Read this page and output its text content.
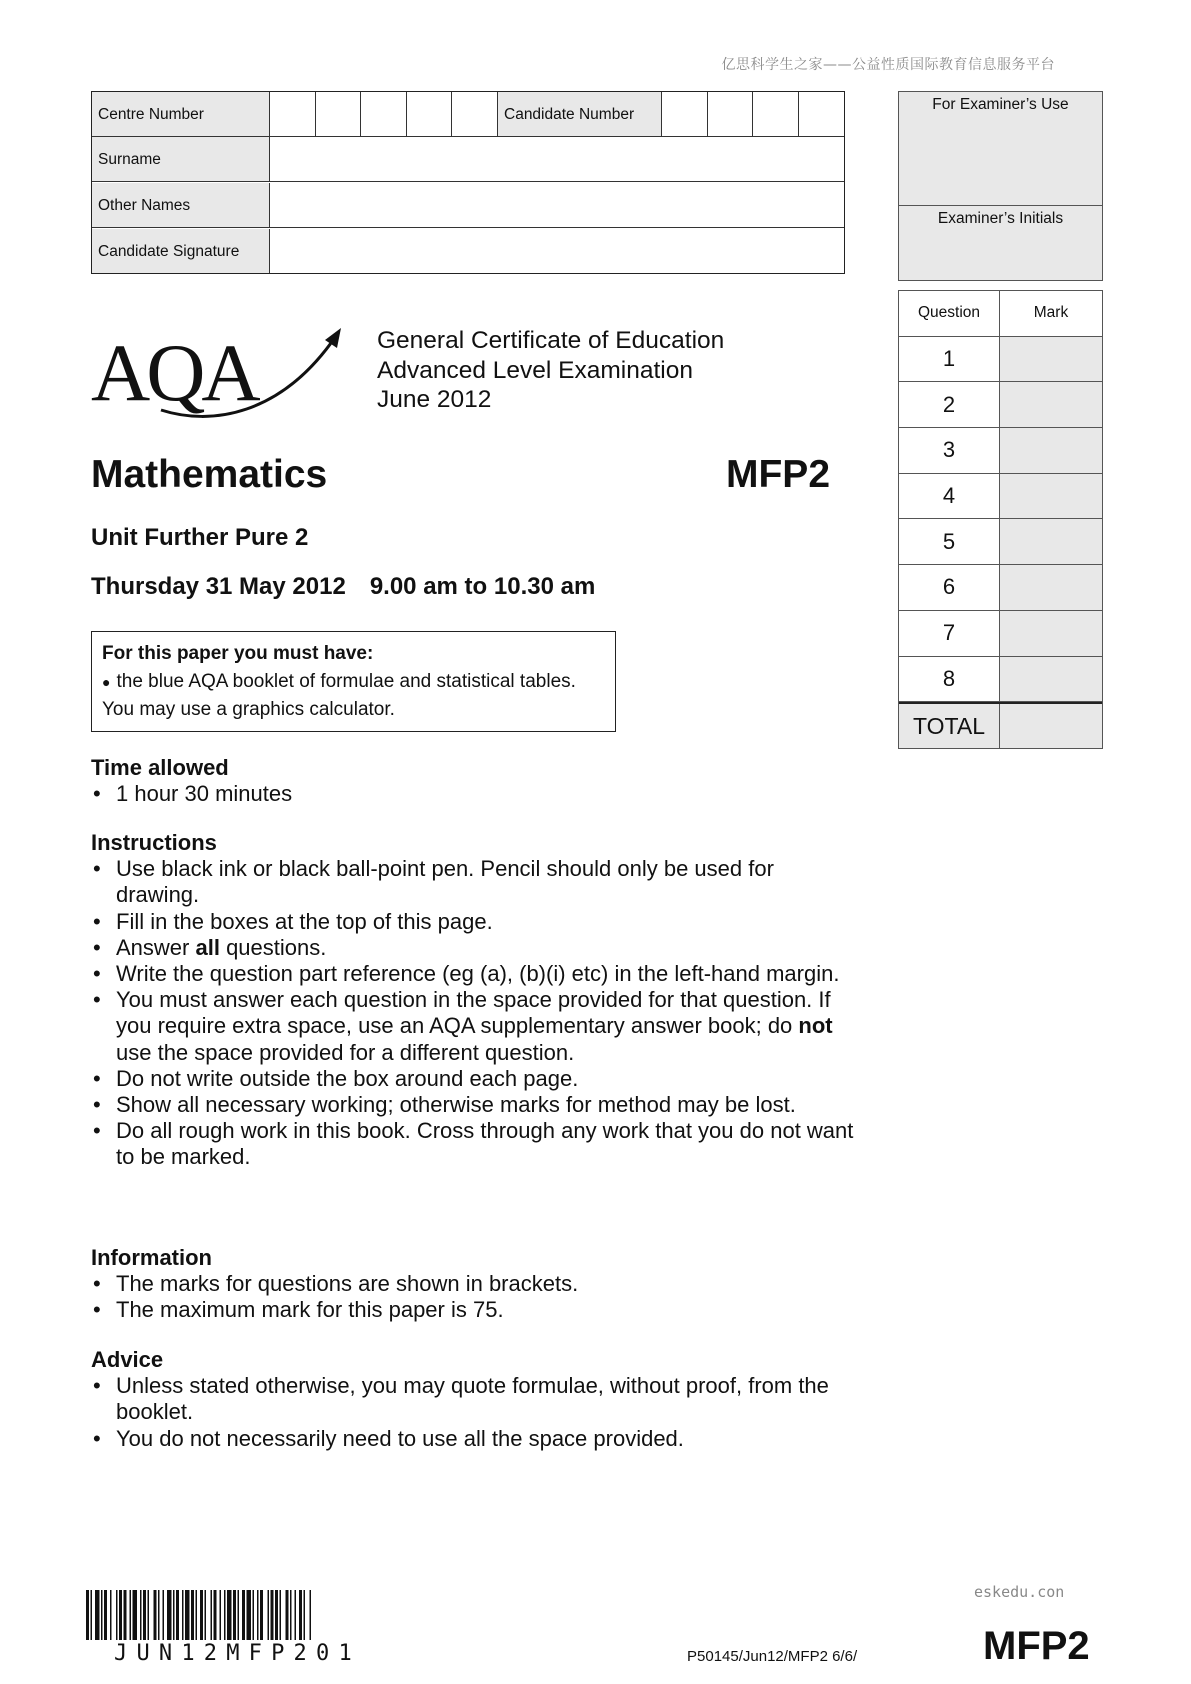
亿思科学生之家——公益性质国际教育信息服务平台
Centre Number	Candidate Number
Surname
Other Names
Candidate Signature
For Examiner’s Use
Examiner’s Initials
Question	Mark
1
2
3
4
5
6
7
8
TOTAL
AQA	General Certificate of Education
Advanced Level Examination
June 2012
Mathematics	MFP2
Unit Further Pure 2
Thursday 31 May 2012 9.00 am to 10.30 am
For this paper you must have:
● the blue AQA booklet of formulae and statistical tables.
You may use a graphics calculator.
Time allowed
• 1 hour 30 minutes
Instructions
• Use black ink or black ball-point pen. Pencil should only be used for drawing.
• Fill in the boxes at the top of this page.
• Answer all questions.
• Write the question part reference (eg (a), (b)(i) etc) in the left-hand margin.
• You must answer each question in the space provided for that question. If you require extra space, use an AQA supplementary answer book; do not use the space provided for a different question.
• Do not write outside the box around each page.
• Show all necessary working; otherwise marks for method may be lost.
• Do all rough work in this book. Cross through any work that you do not want to be marked.
Information
• The marks for questions are shown in brackets.
• The maximum mark for this paper is 75.
Advice
• Unless stated otherwise, you may quote formulae, without proof, from the booklet.
• You do not necessarily need to use all the space provided.
JUN12MFP201
eskedu.con
P50145/Jun12/MFP2 6/6/	MFP2
